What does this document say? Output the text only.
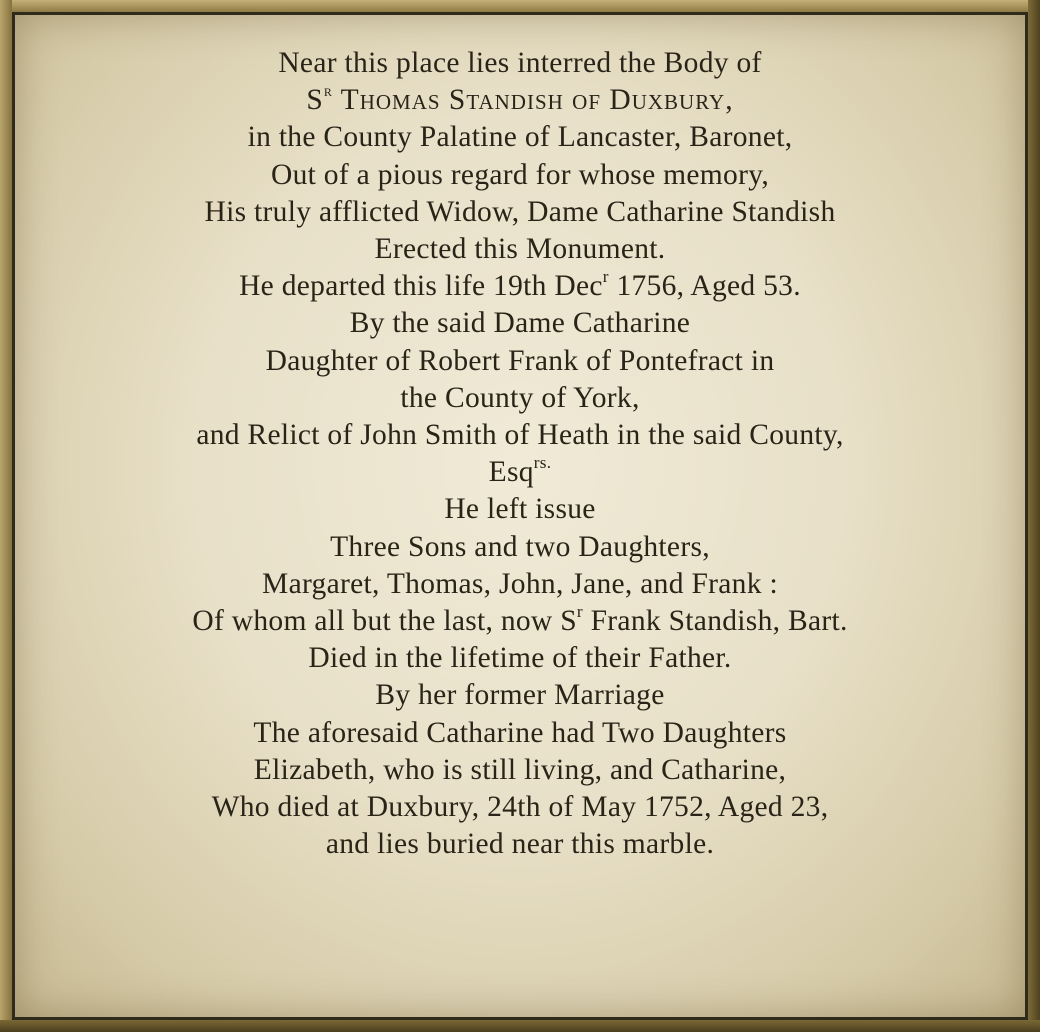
Near this place lies interred the Body of
$S^r$ Thomas Standish of Duxbury,
in the County Palatine of Lancaster, Baronet,
Out of a pious regard for whose memory,
His truly afflicted Widow, Dame Catharine Standish
Erected this Monument.
He departed this life 19th Dec$^r$ 1756, Aged 53.
By the said Dame Catharine
Daughter of Robert Frank of Pontefract in
the County of York,
and Relict of John Smith of Heath in the said County,
Esq$^{rs.}$
He left issue
Three Sons and two Daughters,
Margaret, Thomas, John, Jane, and Frank :
Of whom all but the last, now $S^r$ Frank Standish, Bart.
Died in the lifetime of their Father.
By her former Marriage
The aforesaid Catharine had Two Daughters
Elizabeth, who is still living, and Catharine,
Who died at Duxbury, 24th of May 1752, Aged 23,
and lies buried near this marble.
